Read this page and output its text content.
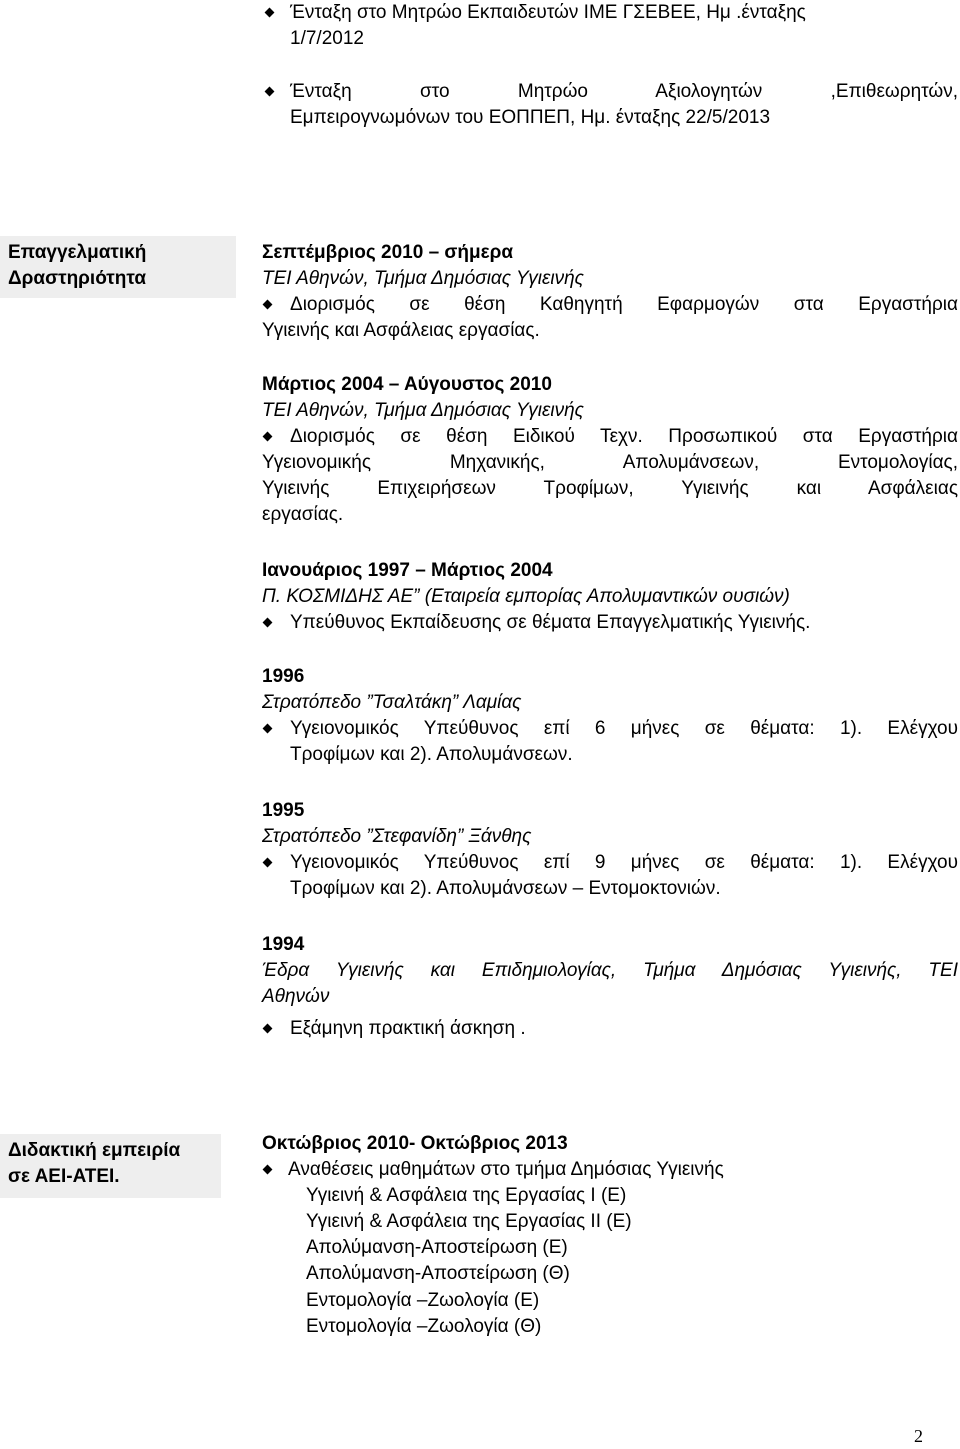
Ένταξη στο Μητρώο Εκπαιδευτών ΙΜΕ ΓΣΕΒΕΕ, Ημ .ένταξης
1/7/2012
Ένταξη στο Μητρώο Αξιολογητών ,Επιθεωρητών,
Εμπειρογνωμόνων του ΕΟΠΠΕΠ, Ημ. ένταξης 22/5/2013
Επαγγελματική
Δραστηριότητα
Σεπτέμβριος 2010 – σήμερα
ΤΕΙ Αθηνών, Τμήμα Δημόσιας Υγιεινής
Διορισμός σε θέση Καθηγητή Εφαρμογών στα Εργαστήρια
Υγιεινής και Ασφάλειας εργασίας.
Μάρτιος 2004 – Αύγουστος 2010
ΤΕΙ Αθηνών, Τμήμα Δημόσιας Υγιεινής
Διορισμός σε θέση Ειδικού Τεχν. Προσωπικού στα Εργαστήρια
Υγειονομικής Μηχανικής, Απολυμάνσεων, Εντομολογίας,
Υγιεινής Επιχειρήσεων Τροφίμων, Υγιεινής και Ασφάλειας
εργασίας.
Ιανουάριος 1997 – Μάρτιος 2004
Π. ΚΟΣΜΙΔΗΣ ΑΕ” (Εταιρεία εμπορίας Απολυμαντικών ουσιών)
Υπεύθυνος Εκπαίδευσης σε θέματα Επαγγελματικής Υγιεινής.
1996
Στρατόπεδο ”Τσαλτάκη” Λαμίας
Υγειονομικός Υπεύθυνος επί 6 μήνες σε θέματα: 1). Ελέγχου
Τροφίμων και 2). Απολυμάνσεων.
1995
Στρατόπεδο ”Στεφανίδη” Ξάνθης
Υγειονομικός Υπεύθυνος επί 9 μήνες σε θέματα: 1). Ελέγχου
Τροφίμων και 2). Απολυμάνσεων – Εντομοκτονιών.
1994
Έδρα Υγιεινής και Επιδημιολογίας, Τμήμα Δημόσιας Υγιεινής, ΤΕΙ
Αθηνών
Εξάμηνη πρακτική άσκηση .
Διδακτική εμπειρία
σε ΑΕΙ-ΑΤΕΙ.
Οκτώβριος 2010- Οκτώβριος 2013
Αναθέσεις μαθημάτων στο τμήμα Δημόσιας Υγιεινής
Υγιεινή & Ασφάλεια της Εργασίας Ι (Ε)
Υγιεινή & Ασφάλεια της Εργασίας ΙΙ (Ε)
Απολύμανση-Αποστείρωση (Ε)
Απολύμανση-Αποστείρωση (Θ)
Εντομολογία –Ζωολογία (Ε)
Εντομολογία –Ζωολογία (Θ)
2
